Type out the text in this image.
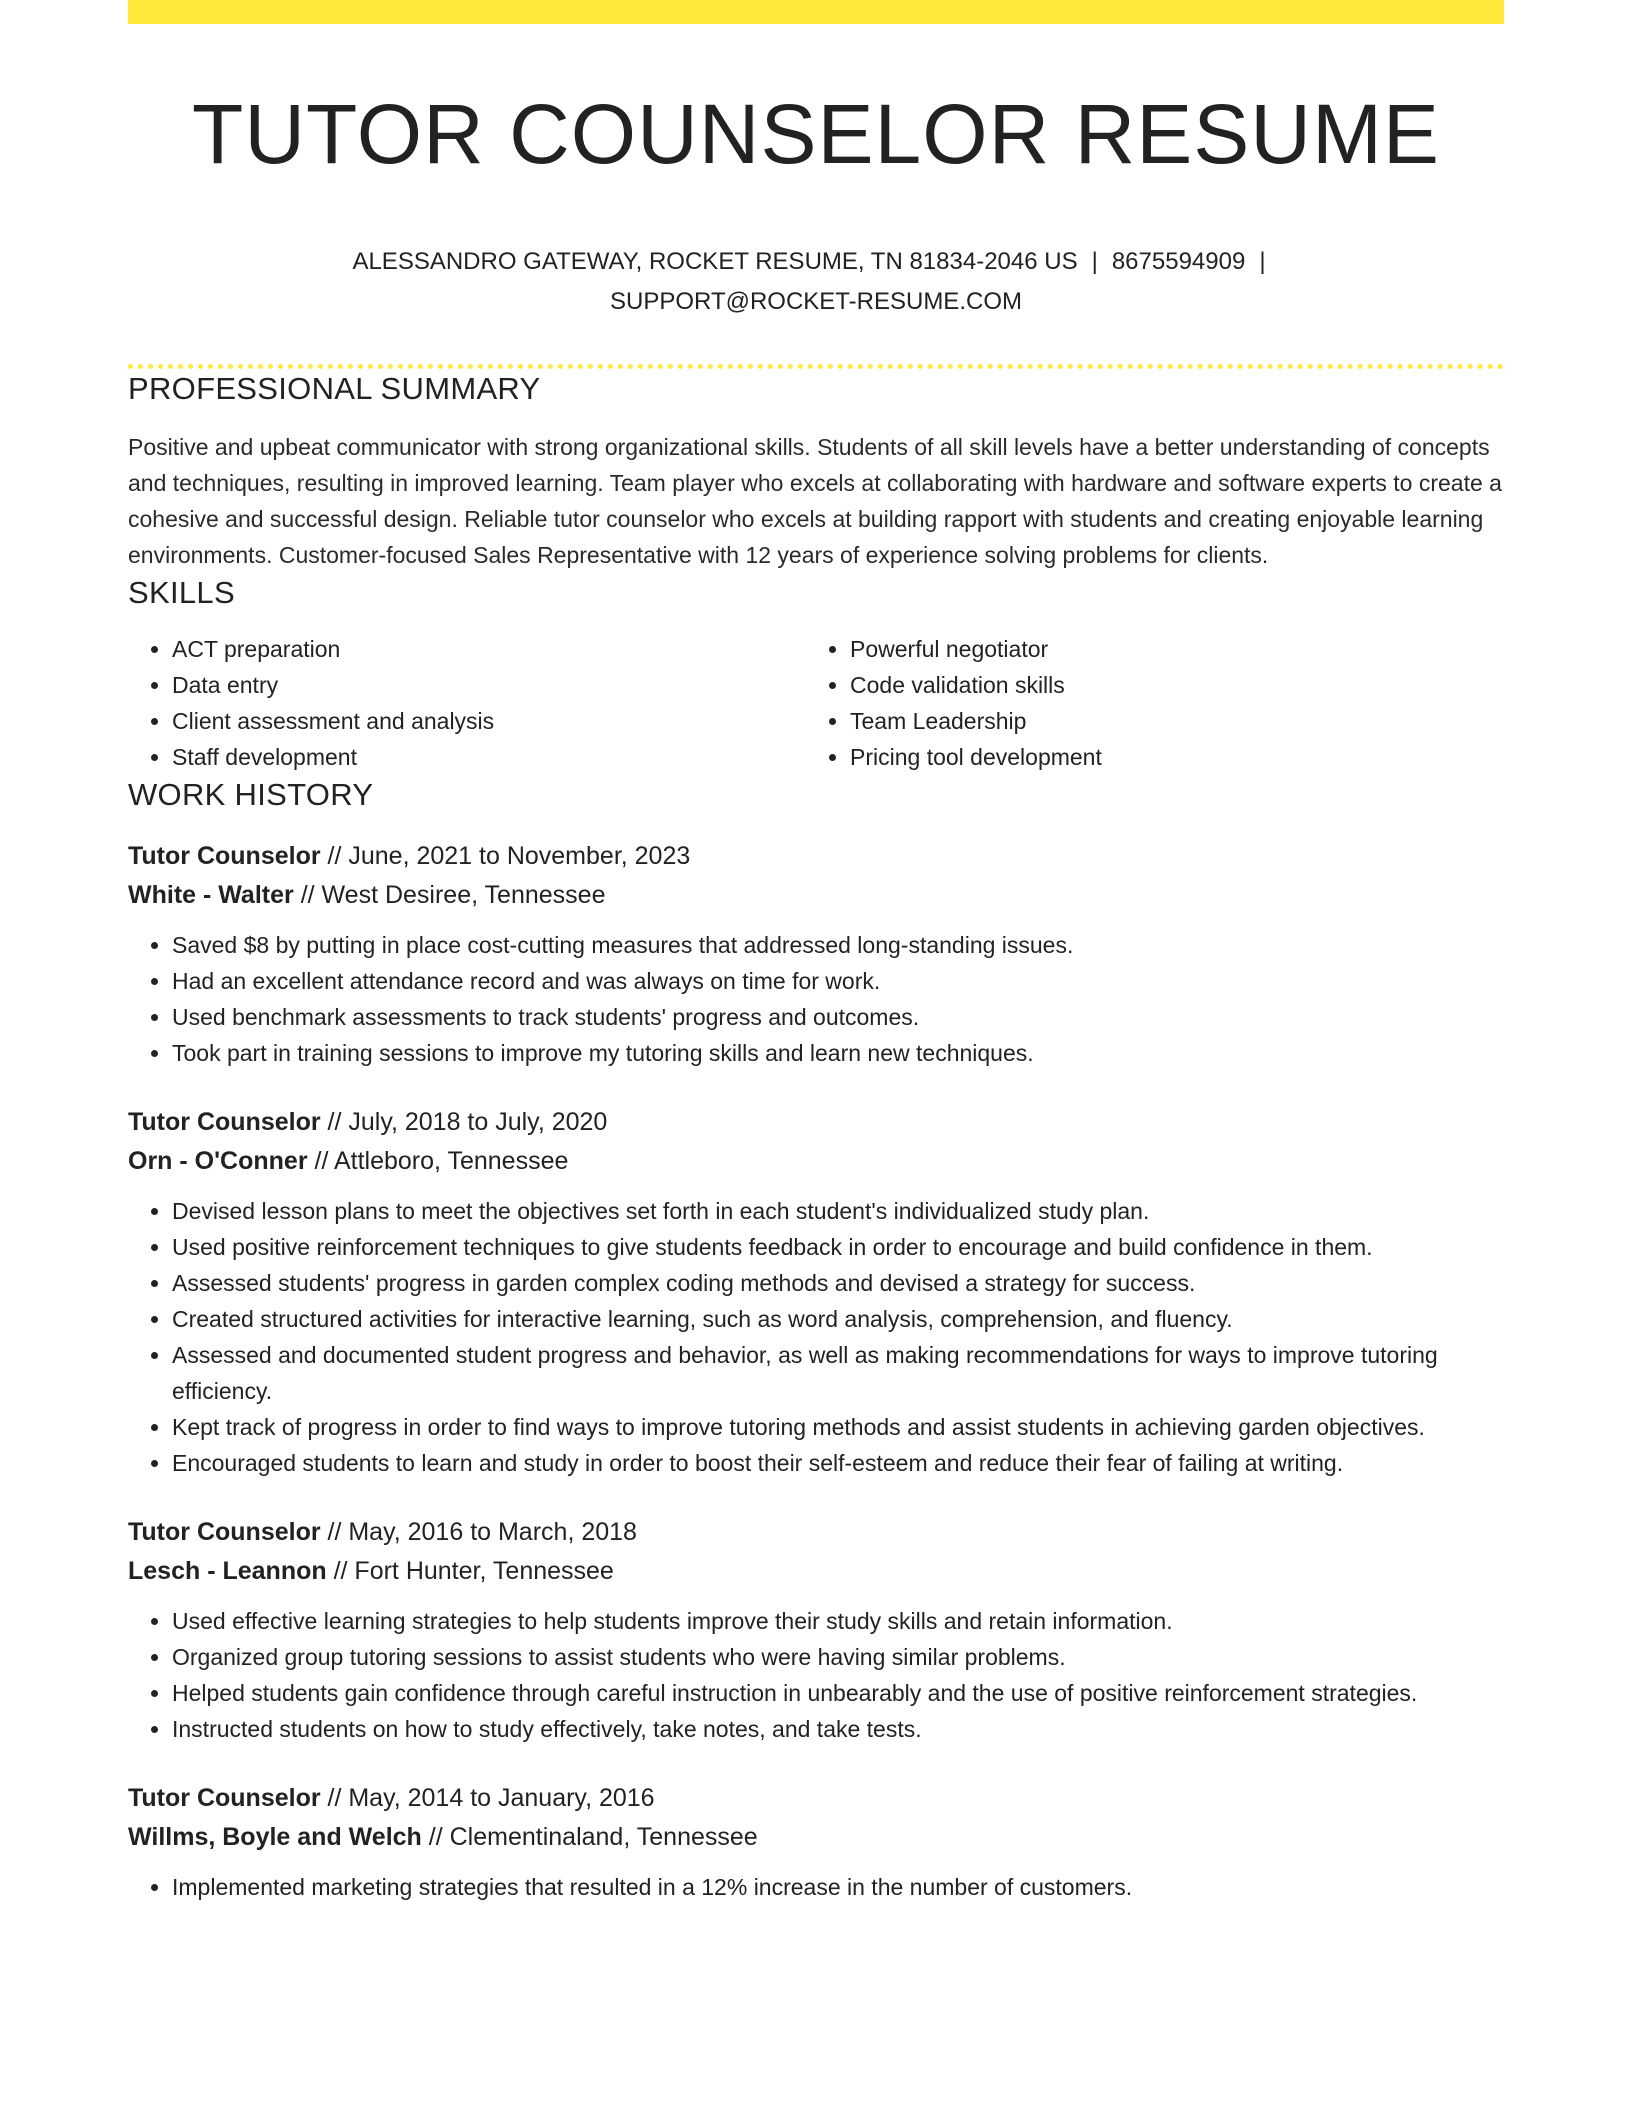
TUTOR COUNSELOR RESUME
ALESSANDRO GATEWAY, ROCKET RESUME, TN 81834-2046 US | 8675594909 |
SUPPORT@ROCKET-RESUME.COM
PROFESSIONAL SUMMARY

Positive and upbeat communicator with strong organizational skills. Students of all skill levels have a better understanding of concepts and techniques, resulting in improved learning. Team player who excels at collaborating with hardware and software experts to create a cohesive and successful design. Reliable tutor counselor who excels at building rapport with students and creating enjoyable learning environments. Customer-focused Sales Representative with 12 years of experience solving problems for clients.

SKILLS
• ACT preparation
• Data entry
• Client assessment and analysis
• Staff development
• Powerful negotiator
• Code validation skills
• Team Leadership
• Pricing tool development
WORK HISTORY
Tutor Counselor // June, 2021 to November, 2023
White - Walter // West Desiree, Tennessee
• Saved $8 by putting in place cost-cutting measures that addressed long-standing issues.
• Had an excellent attendance record and was always on time for work.
• Used benchmark assessments to track students' progress and outcomes.
• Took part in training sessions to improve my tutoring skills and learn new techniques.
Tutor Counselor // July, 2018 to July, 2020
Orn - O'Conner // Attleboro, Tennessee
• Devised lesson plans to meet the objectives set forth in each student's individualized study plan.
• Used positive reinforcement techniques to give students feedback in order to encourage and build confidence in them.
• Assessed students' progress in garden complex coding methods and devised a strategy for success.
• Created structured activities for interactive learning, such as word analysis, comprehension, and fluency.
• Assessed and documented student progress and behavior, as well as making recommendations for ways to improve tutoring efficiency.
• Kept track of progress in order to find ways to improve tutoring methods and assist students in achieving garden objectives.
• Encouraged students to learn and study in order to boost their self-esteem and reduce their fear of failing at writing.
Tutor Counselor // May, 2016 to March, 2018
Lesch - Leannon // Fort Hunter, Tennessee
• Used effective learning strategies to help students improve their study skills and retain information.
• Organized group tutoring sessions to assist students who were having similar problems.
• Helped students gain confidence through careful instruction in unbearably and the use of positive reinforcement strategies.
• Instructed students on how to study effectively, take notes, and take tests.
Tutor Counselor // May, 2014 to January, 2016
Willms, Boyle and Welch // Clementinaland, Tennessee
• Implemented marketing strategies that resulted in a 12% increase in the number of customers.
